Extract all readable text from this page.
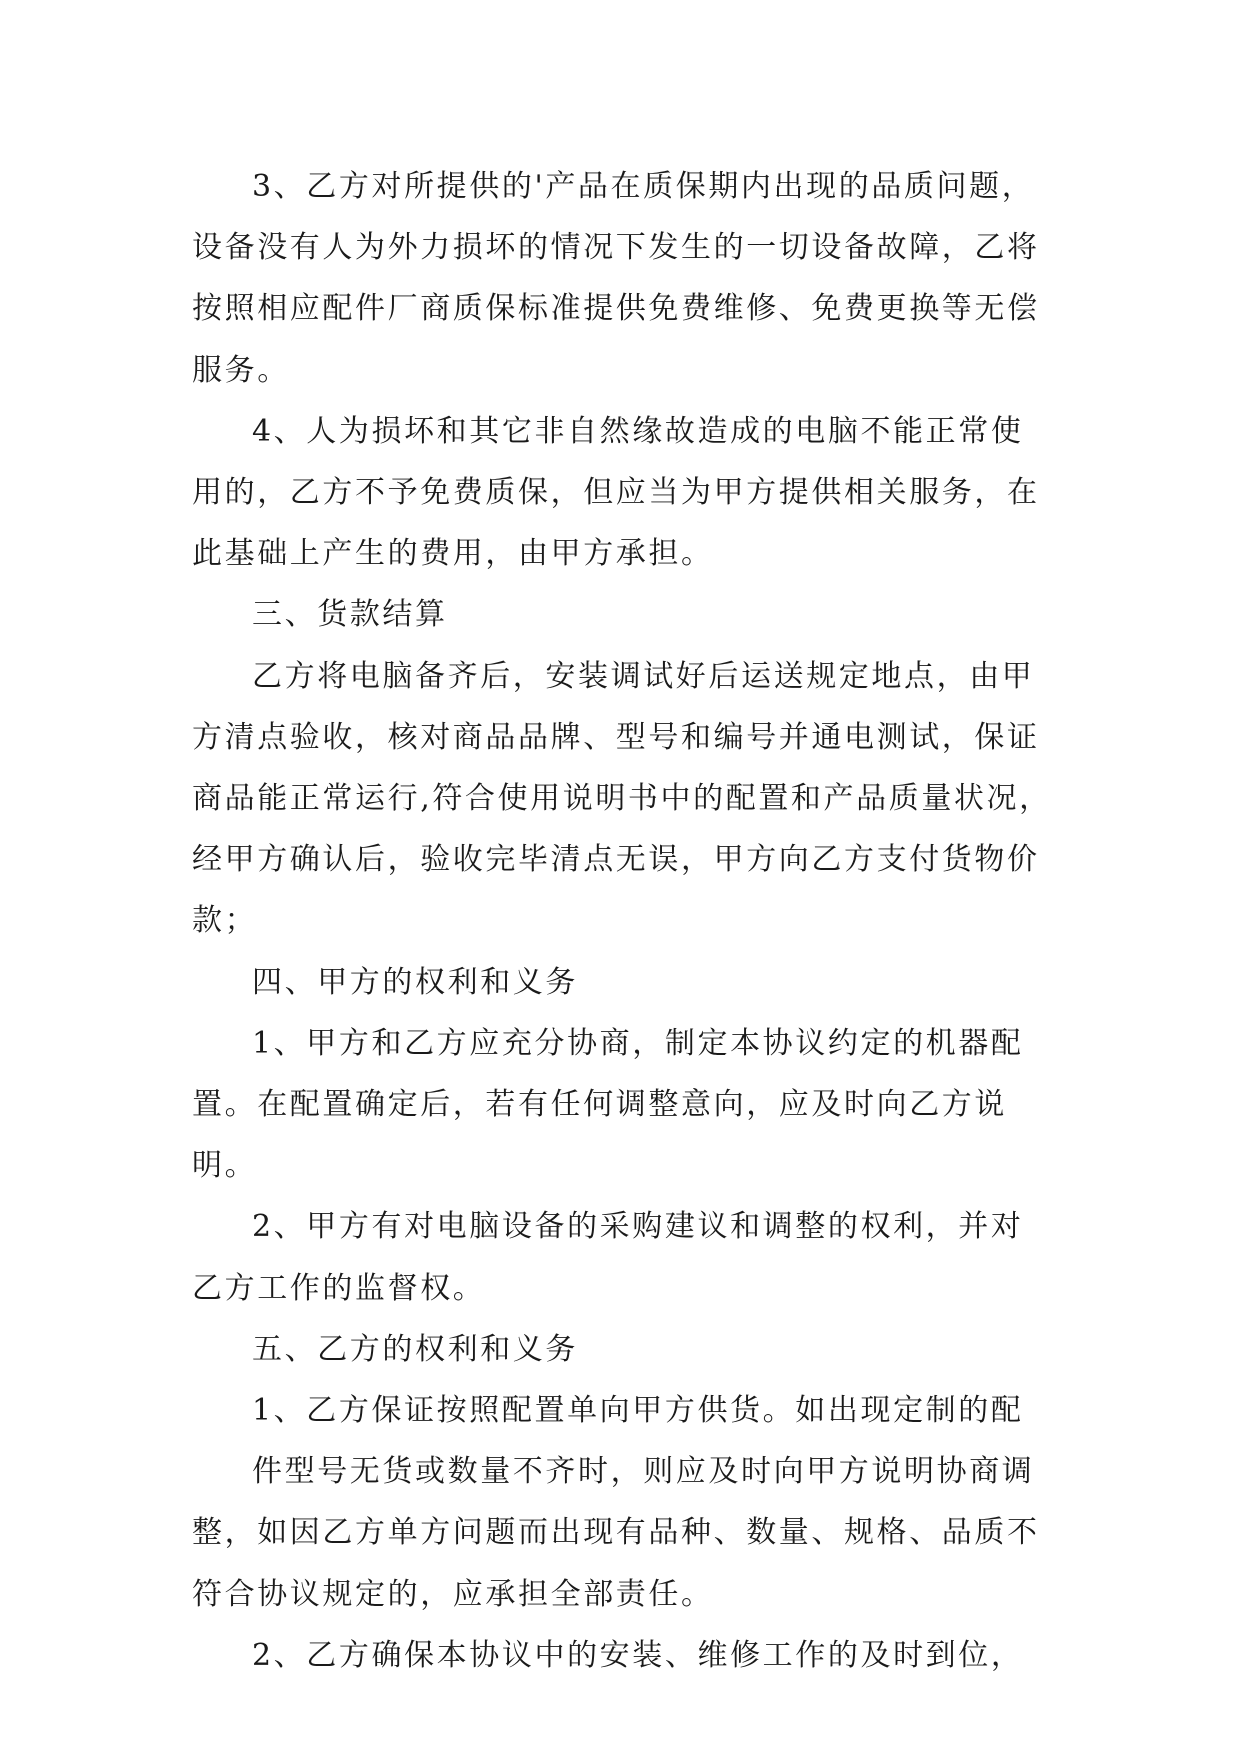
3、乙方对所提供的'产品在质保期内出现的品质问题，设备没有人为外力损坏的情况下发生的一切设备故障，乙将按照相应配件厂商质保标准提供免费维修、免费更换等无偿服务。

4、人为损坏和其它非自然缘故造成的电脑不能正常使用的，乙方不予免费质保，但应当为甲方提供相关服务，在此基础上产生的费用，由甲方承担。

三、货款结算

乙方将电脑备齐后，安装调试好后运送规定地点，由甲方清点验收，核对商品品牌、型号和编号并通电测试，保证商品能正常运行,符合使用说明书中的配置和产品质量状况，经甲方确认后，验收完毕清点无误，甲方向乙方支付货物价款；

四、甲方的权利和义务

1、甲方和乙方应充分协商，制定本协议约定的机器配置。在配置确定后，若有任何调整意向，应及时向乙方说明。

2、甲方有对电脑设备的采购建议和调整的权利，并对乙方工作的监督权。

五、乙方的权利和义务

1、乙方保证按照配置单向甲方供货。如出现定制的配

件型号无货或数量不齐时，则应及时向甲方说明协商调整，如因乙方单方问题而出现有品种、数量、规格、品质不符合协议规定的，应承担全部责任。

2、乙方确保本协议中的安装、维修工作的及时到位，
